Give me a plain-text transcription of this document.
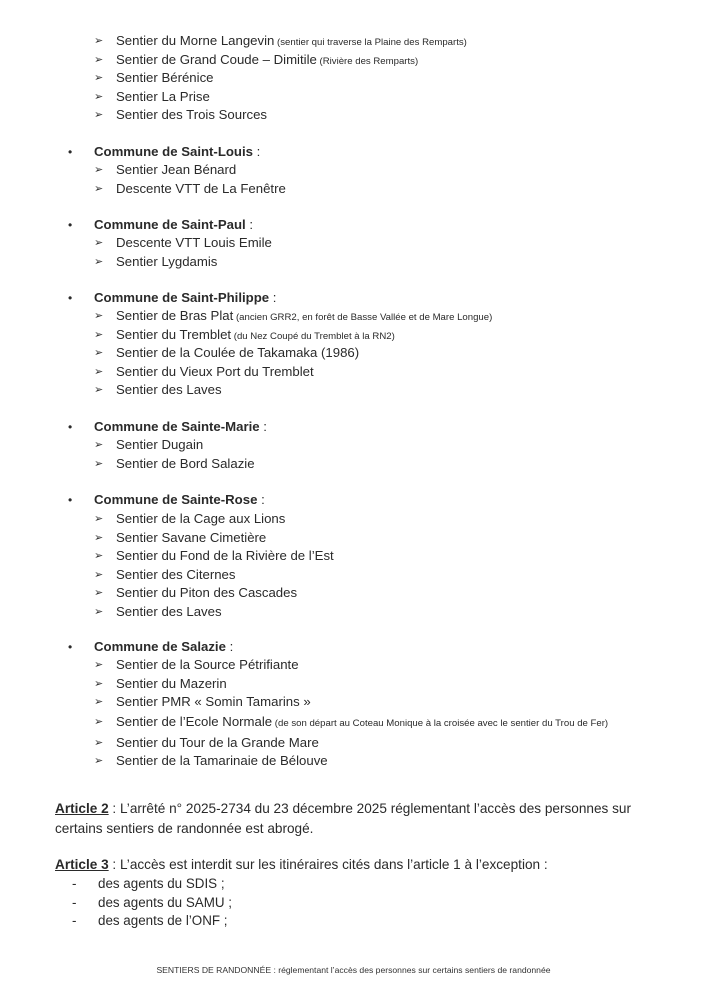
➢ Sentier du Morne Langevin (sentier qui traverse la Plaine des Remparts)
➢ Sentier de Grand Coude – Dimitile (Rivière des Remparts)
➢ Sentier Bérénice
➢ Sentier La Prise
➢ Sentier des Trois Sources
• Commune de Saint-Louis :
➢ Sentier Jean Bénard
➢ Descente VTT de La Fenêtre
• Commune de Saint-Paul :
➢ Descente VTT Louis Emile
➢ Sentier Lygdamis
• Commune de Saint-Philippe :
➢ Sentier de Bras Plat (ancien GRR2, en forêt de Basse Vallée et de Mare Longue)
➢ Sentier du Tremblet (du Nez Coupé du Tremblet à la RN2)
➢ Sentier de la Coulée de Takamaka (1986)
➢ Sentier du Vieux Port du Tremblet
➢ Sentier des Laves
• Commune de Sainte-Marie :
➢ Sentier Dugain
➢ Sentier de Bord Salazie
• Commune de Sainte-Rose :
➢ Sentier de la Cage aux Lions
➢ Sentier Savane Cimetière
➢ Sentier du Fond de la Rivière de l’Est
➢ Sentier des Citernes
➢ Sentier du Piton des Cascades
➢ Sentier des Laves
• Commune de Salazie :
➢ Sentier de la Source Pétrifiante
➢ Sentier du Mazerin
➢ Sentier PMR « Somin Tamarins »
➢ Sentier de l’Ecole Normale (de son départ au Coteau Monique à la croisée avec le sentier du Trou de Fer)
➢ Sentier du Tour de la Grande Mare
➢ Sentier de la Tamarinaie de Bélouve
Article 2 : L’arrêté n° 2025-2734 du 23 décembre 2025 réglementant l’accès des personnes sur certains sentiers de randonnée est abrogé.
Article 3 : L’accès est interdit sur les itinéraires cités dans l’article 1 à l’exception :
- des agents du SDIS ;
- des agents du SAMU ;
- des agents de l’ONF ;
SENTIERS DE RANDONNÉE : réglementant l’accès des personnes sur certains sentiers de randonnée
